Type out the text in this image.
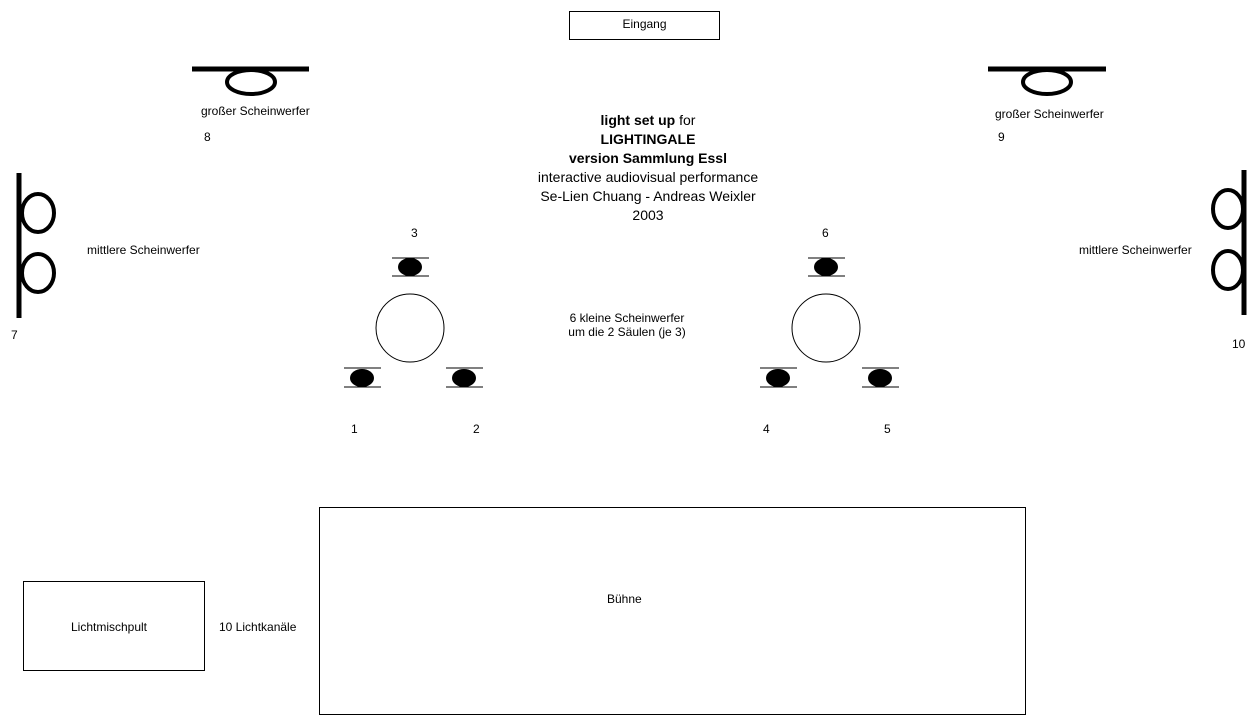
Eingang
light set up for
LIGHTINGALE
version Sammlung Essl
interactive audiovisual performance
Se-Lien Chuang - Andreas Weixler
2003
großer Scheinwerfer	großer Scheinwerfer
mittlere Scheinwerfer	mittlere Scheinwerfer
6 kleine Scheinwerfer
um die 2 Säulen (je 3)
1	2
3
4	5
6
7
8	9
10
Bühne
Lichtmischpult	10 Lichtkanäle
